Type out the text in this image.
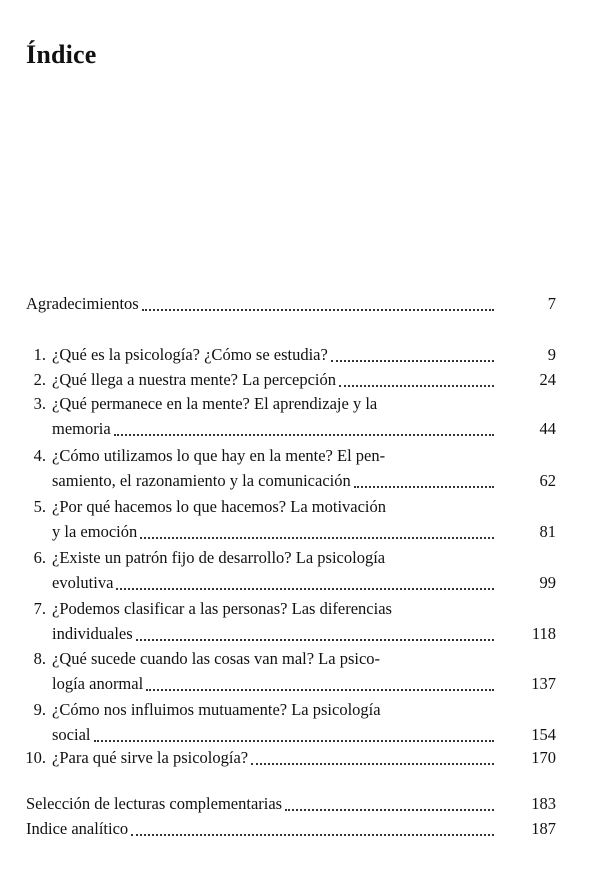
Índice
Agradecimientos	7
1. ¿Qué es la psicología? ¿Cómo se estudia?	9
2. ¿Qué llega a nuestra mente? La percepción	24
3. ¿Qué permanece en la mente? El aprendizaje y la
memoria	44
4. ¿Cómo utilizamos lo que hay en la mente? El pen-
samiento, el razonamiento y la comunicación	62
5. ¿Por qué hacemos lo que hacemos? La motivación
y la emoción	81
6. ¿Existe un patrón fijo de desarrollo? La psicología
evolutiva	99
7. ¿Podemos clasificar a las personas? Las diferencias
individuales	118
8. ¿Qué sucede cuando las cosas van mal? La psico-
logía anormal	137
9. ¿Cómo nos influimos mutuamente? La psicología
social	154
10. ¿Para qué sirve la psicología?	170
Selección de lecturas complementarias	183
Indice analítico	187
